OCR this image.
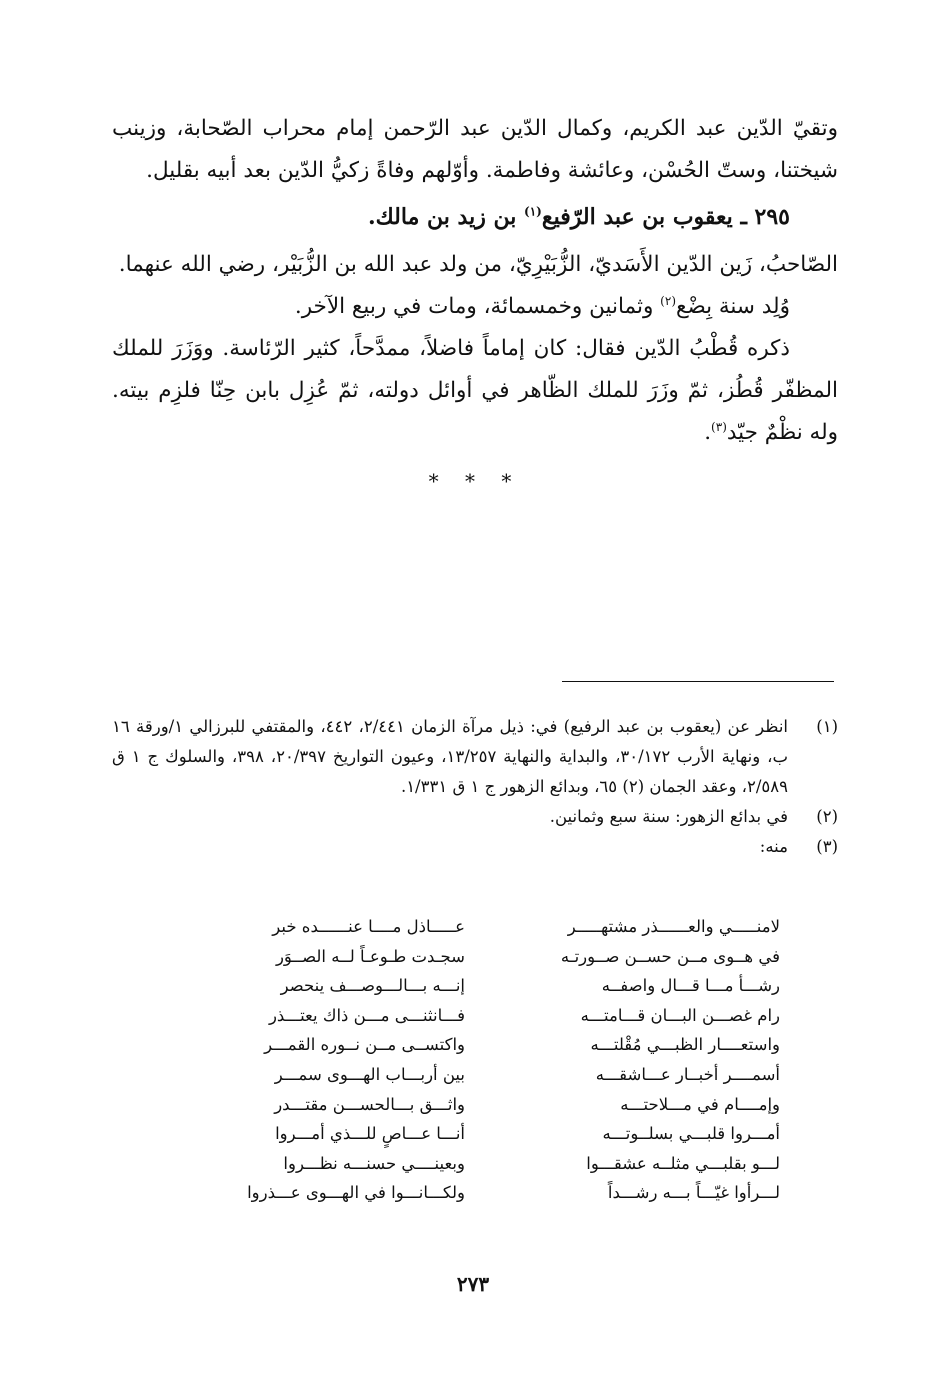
وتقيّ الدّين عبد الكريم، وكمال الدّين عبد الرّحمن إمام محراب الصّحابة، وزينب شيختنا، وستّ الحُسْن، وعائشة وفاطمة. وأوّلهم وفاةً زكيُّ الدّين بعد أبيه بقليل.

٢٩٥ ـ يعقوب بن عبد الرّفيع$^{(١)}$ بن زيد بن مالك.

الصّاحبُ، زَين الدّين الأَسَديّ، الزُّبَيْرِيّ، من ولد عبد الله بن الزُّبَيْر، رضي الله عنهما.

وُلِد سنة بِضْع$^{(٢)}$ وثمانين وخمسمائة، ومات في ربيع الآخر.

ذكره قُطْبُ الدّين فقال: كان إماماً فاضلاً، ممدَّحاً، كثير الرّئاسة. ووَزَرَ للملك المظفّر قُطُز، ثمّ وزَرَ للملك الظّاهر في أوائل دولته، ثمّ عُزِل بابن حِنّا فلزِم بيته. وله نظْمٌ جيّد$^{(٣)}$.

* * *

(١)
انظر عن (يعقوب بن عبد الرفيع) في: ذيل مرآة الزمان ٢/٤٤١، ٤٤٢، والمقتفي للبرزالي ١/ورقة ١٦ ب، ونهاية الأرب ٣٠/١٧٢، والبداية والنهاية ١٣/٢٥٧، وعيون التواريخ ٢٠/٣٩٧، ٣٩٨، والسلوك ج ١ ق ٢/٥٨٩، وعقد الجمان (٢) ٦٥، وبدائع الزهور ج ١ ق ١/٣٣١.
(٢)
في بدائع الزهور: سنة سبع وثمانين.
(٣)
منه:
لامنـــــي والعــــــذر مشتهـــــر
عـــــاذل مــــا عنــــــده خبر
في هــوى مــن حســن صــورتـه
سجـدت طـوعـاً لــه الصــوَر
رشـــأ مـــا قـــال واصفــه
إنـــه بـــالـــوصـــف ينحصر
رام غصـــن البـــان قـــامتـــه
فـــانثنـــى مـــن ذاك يعتـــذر
واستعــــار الظبـــي مُقْلتـــه
واكتســى مــن نــوره القمـــر
أسمــــر أخبــار عـــاشقـــه
بين أربـــاب الهـــوى سمـــر
وإمــــام في مـــلاحتـــه
واثـــق بـــالحســـن مقتـــدر
أمـــروا قلبـــي بسلــوتـــه
أنـــا عـــاصٍ للـــذي أمـــروا
لـــو بقلبـــي مثلــه عشقـــوا
وبعينــــي حسنـــه نظـــروا
لـــرأوا غيّـــاً بـــه رشـــداً
ولكـــانـــوا في الهـــوى عـــذروا
٢٧٣
